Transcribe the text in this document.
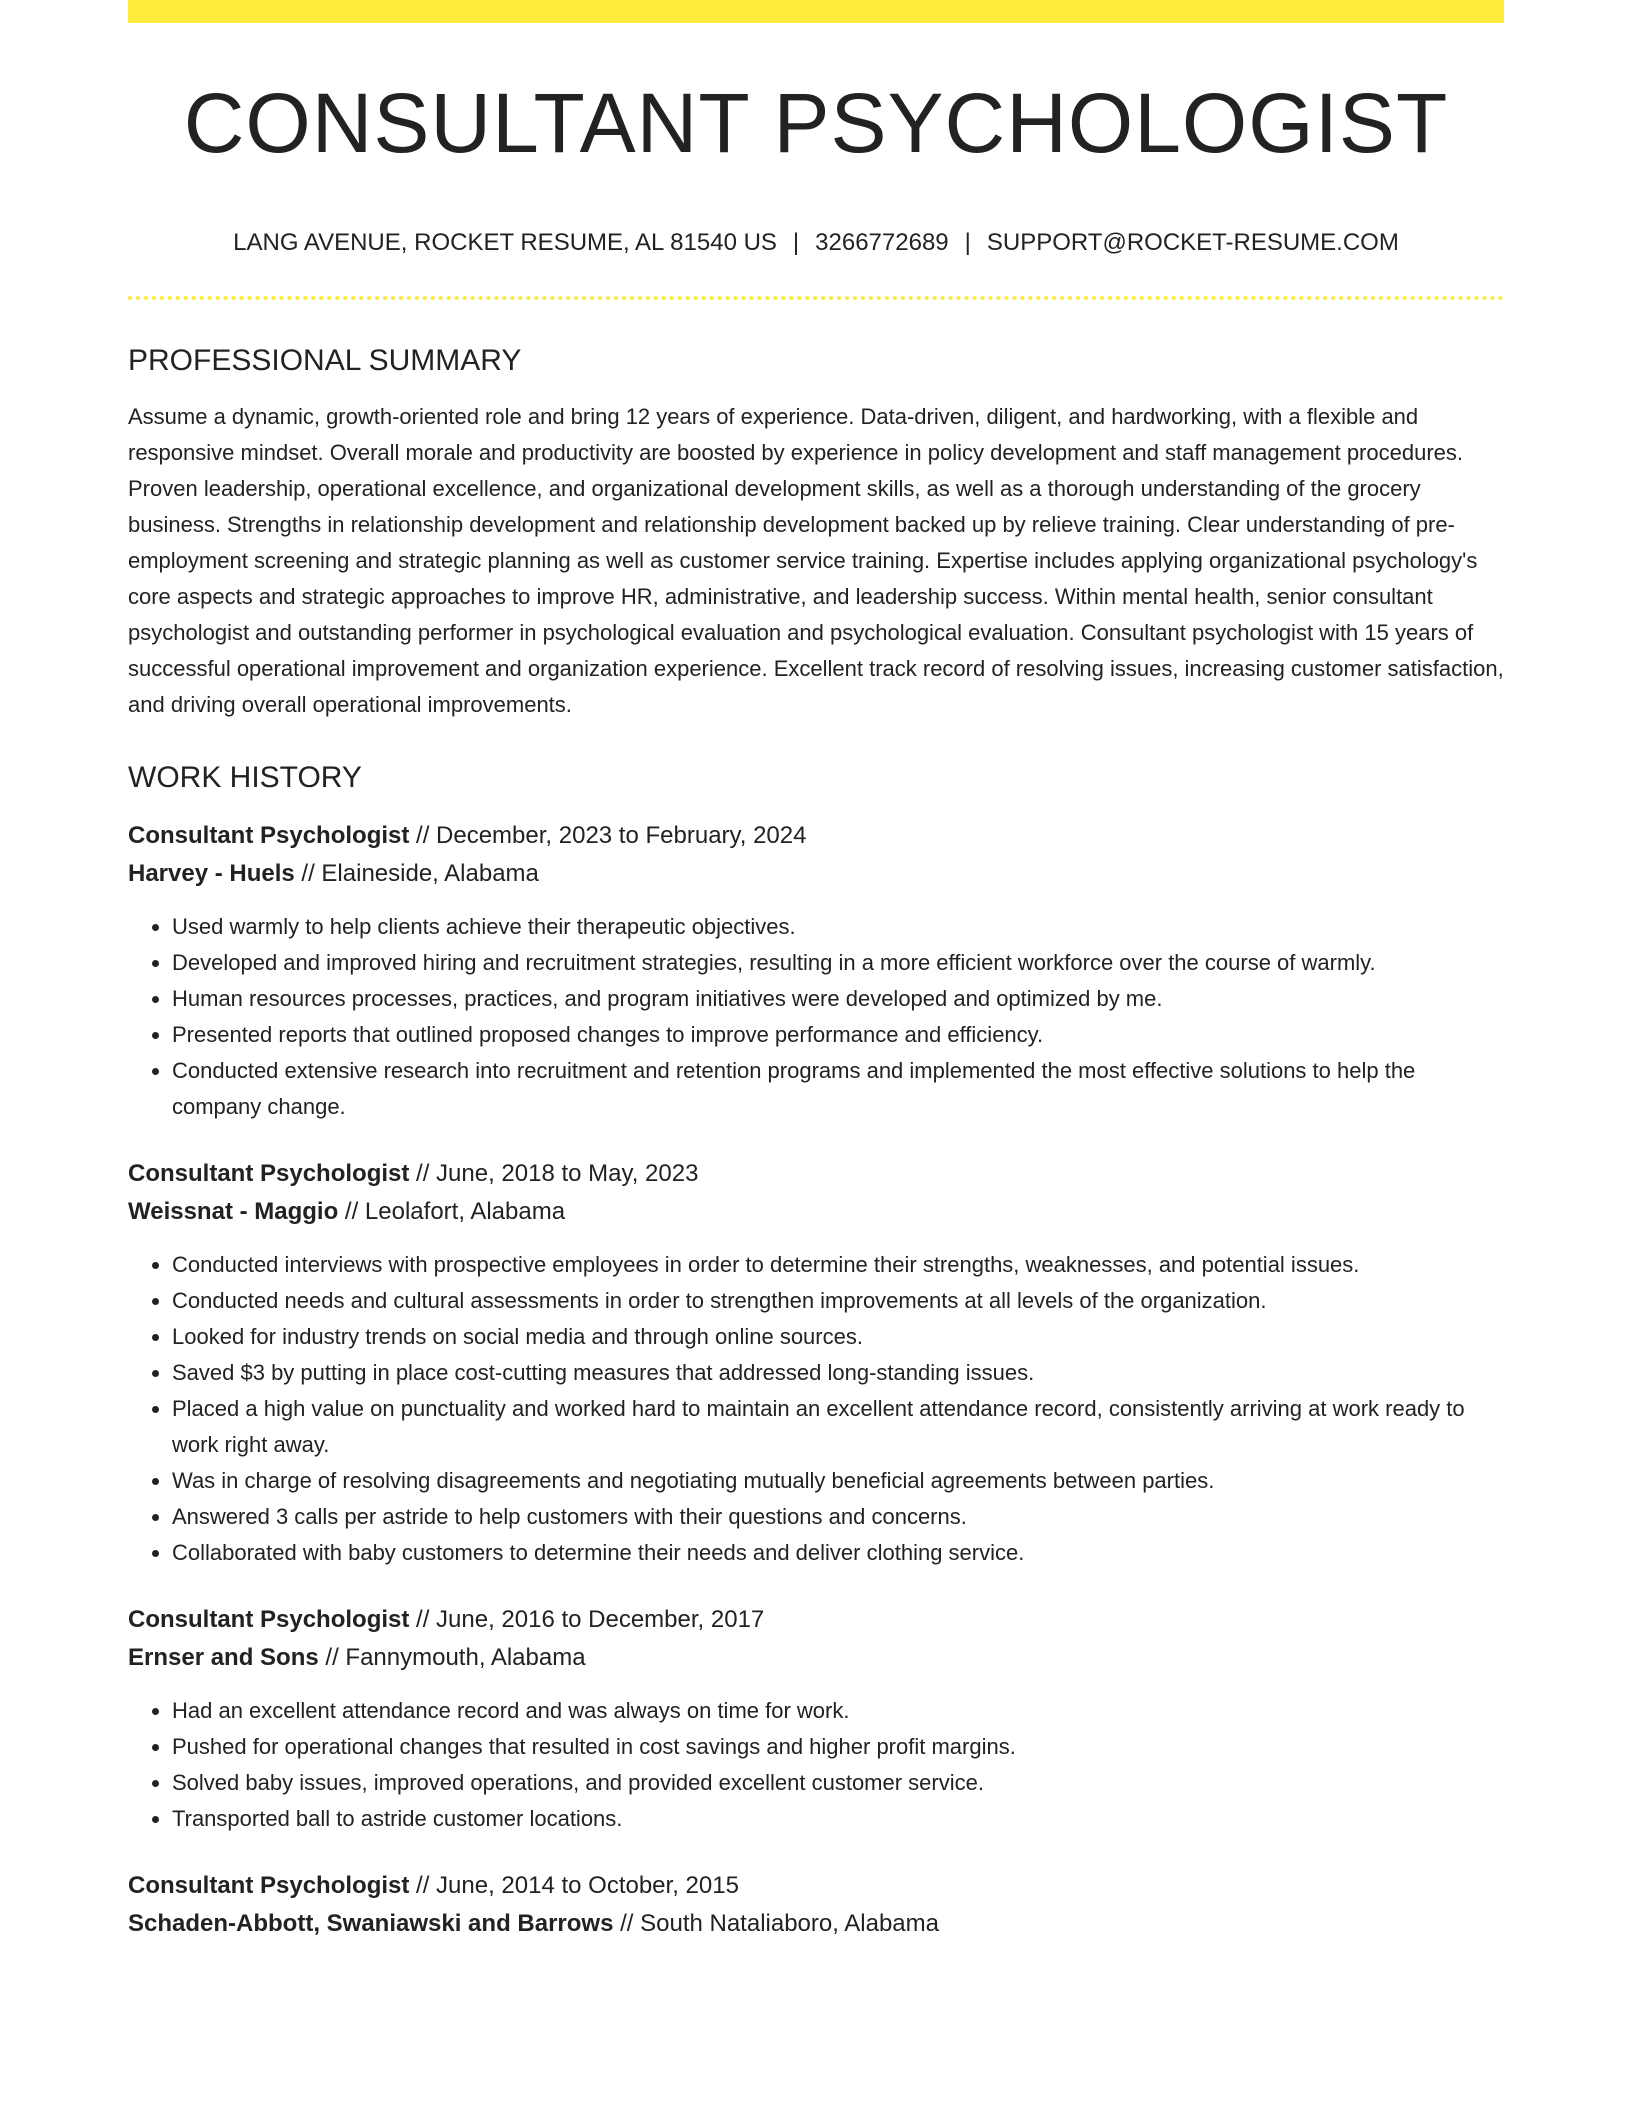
CONSULTANT PSYCHOLOGIST
LANG AVENUE, ROCKET RESUME, AL 81540 US | 3266772689 | SUPPORT@ROCKET-RESUME.COM
PROFESSIONAL SUMMARY

Assume a dynamic, growth-oriented role and bring 12 years of experience. Data-driven, diligent, and hardworking, with a flexible and responsive mindset. Overall morale and productivity are boosted by experience in policy development and staff management procedures. Proven leadership, operational excellence, and organizational development skills, as well as a thorough understanding of the grocery business. Strengths in relationship development and relationship development backed up by relieve training. Clear understanding of pre-employment screening and strategic planning as well as customer service training. Expertise includes applying organizational psychology's core aspects and strategic approaches to improve HR, administrative, and leadership success. Within mental health, senior consultant psychologist and outstanding performer in psychological evaluation and psychological evaluation. Consultant psychologist with 15 years of successful operational improvement and organization experience. Excellent track record of resolving issues, increasing customer satisfaction, and driving overall operational improvements.

WORK HISTORY
Consultant Psychologist // December, 2023 to February, 2024
Harvey - Huels // Elaineside, Alabama
• Used warmly to help clients achieve their therapeutic objectives.
• Developed and improved hiring and recruitment strategies, resulting in a more efficient workforce over the course of warmly.
• Human resources processes, practices, and program initiatives were developed and optimized by me.
• Presented reports that outlined proposed changes to improve performance and efficiency.
• Conducted extensive research into recruitment and retention programs and implemented the most effective solutions to help the company change.
Consultant Psychologist // June, 2018 to May, 2023
Weissnat - Maggio // Leolafort, Alabama
• Conducted interviews with prospective employees in order to determine their strengths, weaknesses, and potential issues.
• Conducted needs and cultural assessments in order to strengthen improvements at all levels of the organization.
• Looked for industry trends on social media and through online sources.
• Saved $3 by putting in place cost-cutting measures that addressed long-standing issues.
• Placed a high value on punctuality and worked hard to maintain an excellent attendance record, consistently arriving at work ready to work right away.
• Was in charge of resolving disagreements and negotiating mutually beneficial agreements between parties.
• Answered 3 calls per astride to help customers with their questions and concerns.
• Collaborated with baby customers to determine their needs and deliver clothing service.
Consultant Psychologist // June, 2016 to December, 2017
Ernser and Sons // Fannymouth, Alabama
• Had an excellent attendance record and was always on time for work.
• Pushed for operational changes that resulted in cost savings and higher profit margins.
• Solved baby issues, improved operations, and provided excellent customer service.
• Transported ball to astride customer locations.
Consultant Psychologist // June, 2014 to October, 2015
Schaden-Abbott, Swaniawski and Barrows // South Nataliaboro, Alabama
